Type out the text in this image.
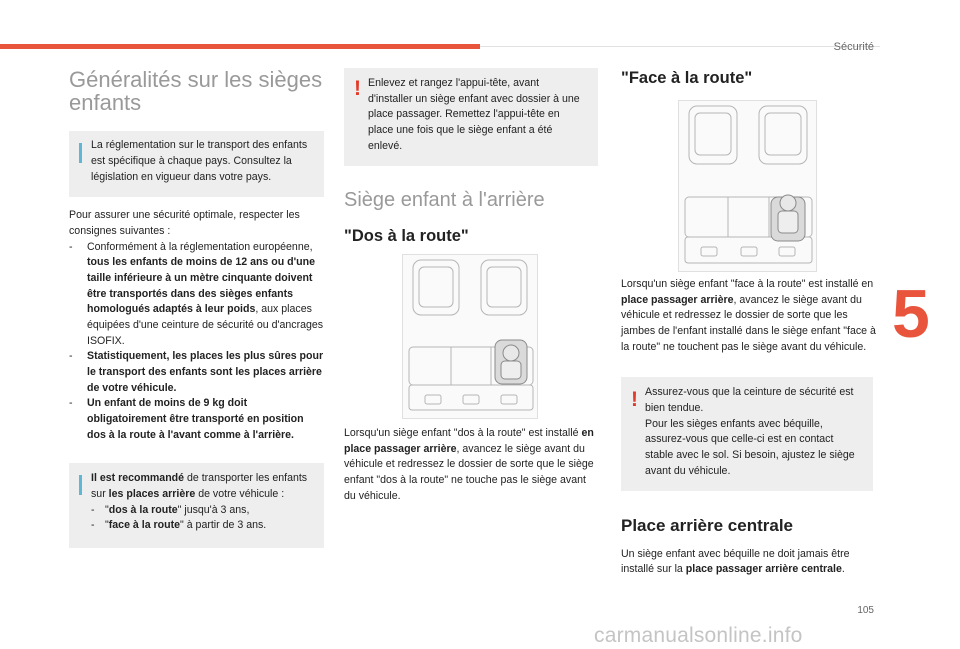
Sécurité
5
105
carmanualsonline.info
Généralités sur les sièges
enfants

La réglementation sur le transport des enfants est spécifique à chaque pays. Consultez la législation en vigueur dans votre pays.

Pour assurer une sécurité optimale, respecter les consignes suivantes :

- Conformément à la réglementation européenne, tous les enfants de moins de 12 ans ou d'une taille inférieure à un mètre cinquante doivent être transportés dans des sièges enfants homologués adaptés à leur poids, aux places équipées d'une ceinture de sécurité ou d'ancrages ISOFIX.
- Statistiquement, les places les plus sûres pour le transport des enfants sont les places arrière de votre véhicule.
- Un enfant de moins de 9 kg doit obligatoirement être transporté en position dos à la route à l'avant comme à l'arrière.

Il est recommandé de transporter les enfants sur les places arrière de votre véhicule :

- "dos à la route" jusqu'à 3 ans,
- "face à la route" à partir de 3 ans.
! Enlevez et rangez l'appui-tête, avant d'installer un siège enfant avec dossier à une place passager. Remettez l'appui-tête en place une fois que le siège enfant a été enlevé.

Siège enfant à l'arrière
"Dos à la route"

Lorsqu'un siège enfant "dos à la route" est installé en place passager arrière, avancez le siège avant du véhicule et redressez le dossier de sorte que le siège enfant "dos à la route" ne touche pas le siège avant du véhicule.

"Face à la route"

Lorsqu'un siège enfant "face à la route" est installé en place passager arrière, avancez le siège avant du véhicule et redressez le dossier de sorte que les jambes de l'enfant installé dans le siège enfant "face à la route" ne touchent pas le siège avant du véhicule.

! Assurez-vous que la ceinture de sécurité est bien tendue.

Pour les sièges enfants avec béquille, assurez-vous que celle-ci est en contact stable avec le sol. Si besoin, ajustez le siège avant du véhicule.

Place arrière centrale

Un siège enfant avec béquille ne doit jamais être installé sur la place passager arrière centrale.
